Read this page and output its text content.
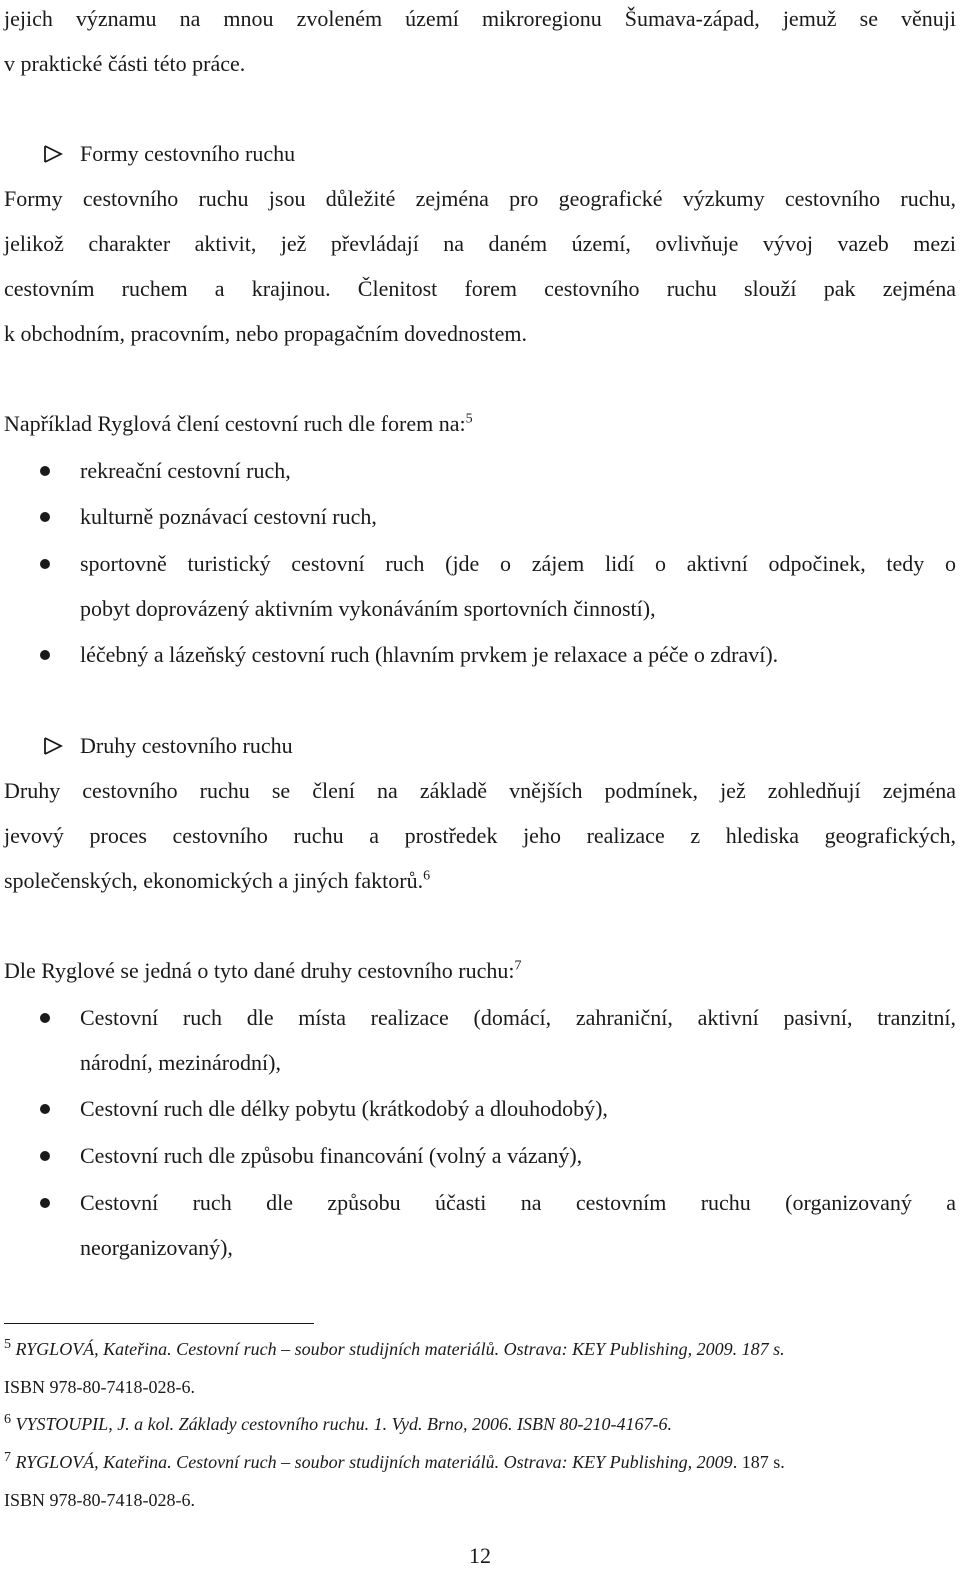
jejich významu na mnou zvoleném území mikroregionu Šumava-západ, jemuž se věnuji
v praktické části této práce.
Formy cestovního ruchu
Formy cestovního ruchu jsou důležité zejména pro geografické výzkumy cestovního ruchu,
jelikož charakter aktivit, jež převládají na daném území, ovlivňuje vývoj vazeb mezi
cestovním ruchem a krajinou. Členitost forem cestovního ruchu slouží pak zejména
k obchodním, pracovním, nebo propagačním dovednostem.
Například Ryglová člení cestovní ruch dle forem na:$^5$
rekreační cestovní ruch,
kulturně poznávací cestovní ruch,
sportovně turistický cestovní ruch (jde o zájem lidí o aktivní odpočinek, tedy o
pobyt doprovázený aktivním vykonáváním sportovních činností),
léčebný a lázeňský cestovní ruch (hlavním prvkem je relaxace a péče o zdraví).
Druhy cestovního ruchu
Druhy cestovního ruchu se člení na základě vnějších podmínek, jež zohledňují zejména
jevový proces cestovního ruchu a prostředek jeho realizace z hlediska geografických,
společenských, ekonomických a jiných faktorů.$^6$
Dle Ryglové se jedná o tyto dané druhy cestovního ruchu:$^7$
Cestovní ruch dle místa realizace (domácí, zahraniční, aktivní pasivní, tranzitní,
národní, mezinárodní),
Cestovní ruch dle délky pobytu (krátkodobý a dlouhodobý),
Cestovní ruch dle způsobu financování (volný a vázaný),
Cestovní ruch dle způsobu účasti na cestovním ruchu (organizovaný a
neorganizovaný),
$^5$ RYGLOVÁ, Kateřina. Cestovní ruch – soubor studijních materiálů. Ostrava: KEY Publishing, 2009. 187 s.
ISBN 978-80-7418-028-6.
$^6$ VYSTOUPIL, J. a kol. Základy cestovního ruchu. 1. Vyd. Brno, 2006. ISBN 80-210-4167-6.
$^7$ RYGLOVÁ, Kateřina. Cestovní ruch – soubor studijních materiálů. Ostrava: KEY Publishing, 2009. 187 s.
ISBN 978-80-7418-028-6.
12
